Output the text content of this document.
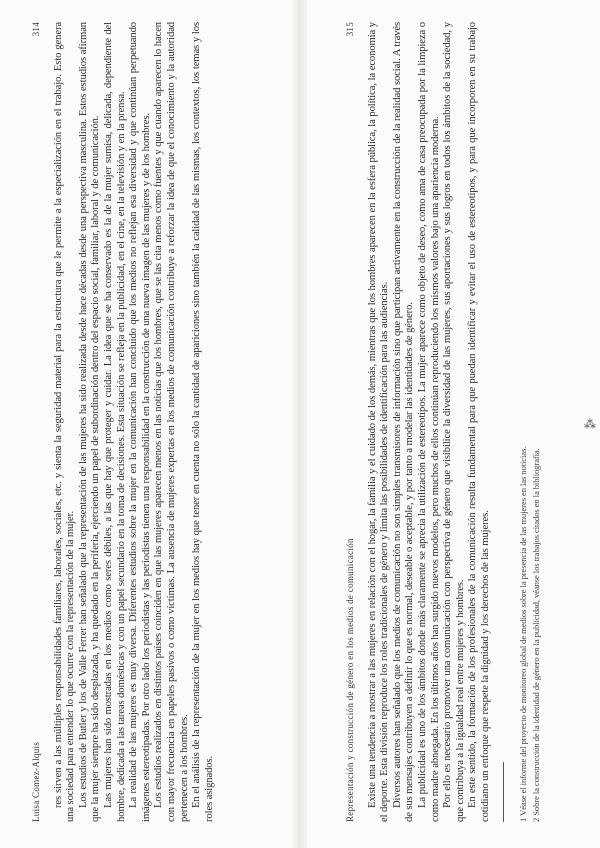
Luisa Comez-Alquis
314 res sirven a las múltiples responsabilidades familiares, laborales, sociales, etc. y sienta la seguridad material para la estructura que le permite a la especialización en el trabajo. Esto genera una sociedad para entender lo que ocurre con la representación de la mujer. Los estudios de Butler y los de Valle Ferrer han señalado que la representación de las mujeres ha sido realizada desde hace décadas desde una perspectiva masculina. Estos estudios afirman que la mujer siempre ha sido desplazada, y ha quedado en la periferia, ejerciendo un papel de subordinación dentro del espacio social, familiar, laboral y de comunicación. Las mujeres han sido mostradas en los medios como seres débiles, a las que hay que proteger y cuidar. La idea que se ha conservado es la de la mujer sumisa, delicada, dependiente del hombre, dedicada a las tareas domésticas y con un papel secundario en la toma de decisiones. Esta situación se refleja en la publicidad, en el cine, en la televisión y en la prensa. La realidad de las mujeres es muy diversa. Diferentes estudios sobre la mujer en la comunicación han concluido que los medios no reflejan esa diversidad y que continúan perpetuando imágenes estereotipadas. Por otro lado los periodistas y las periodistas tienen una responsabilidad en la construcción de una nueva imagen de las mujeres y de los hombres. Los estudios realizados en distintos países coinciden en que las mujeres aparecen menos en las noticias que los hombres, que se las cita menos como fuentes y que cuando aparecen lo hacen con mayor frecuencia en papeles pasivos o como víctimas. La ausencia de mujeres expertas en los medios de comunicación contribuye a reforzar la idea de que el conocimiento y la autoridad pertenecen a los hombres. En el análisis de la representación de la mujer en los medios hay que tener en cuenta no sólo la cantidad de apariciones sino también la calidad de las mismas, los contextos, los temas y los roles asignados.	Representación y construcción de género en los medios de comunicación
315 Existe una tendencia a mostrar a las mujeres en relación con el hogar, la familia y el cuidado de los demás, mientras que los hombres aparecen en la esfera pública, la política, la economía y el deporte. Esta división reproduce los roles tradicionales de género y limita las posibilidades de identificación para las audiencias. Diversos autores han señalado que los medios de comunicación no son simples transmisores de información sino que participan activamente en la construcción de la realidad social. A través de sus mensajes contribuyen a definir lo que es normal, deseable o aceptable, y por tanto a modelar las identidades de género. La publicidad es uno de los ámbitos donde más claramente se aprecia la utilización de estereotipos. La mujer aparece como objeto de deseo, como ama de casa preocupada por la limpieza o como madre abnegada. En los últimos años han surgido nuevos modelos, pero muchos de ellos continúan reproduciendo los mismos valores bajo una apariencia moderna. Por ello es necesario promover una comunicación con perspectiva de género que visibilice la diversidad de las mujeres, sus aportaciones y sus logros en todos los ámbitos de la sociedad, y que contribuya a la igualdad real entre mujeres y hombres. En este sentido, la formación de los profesionales de la comunicación resulta fundamental para que puedan identificar y evitar el uso de estereotipos, y para que incorporen en su trabajo cotidiano un enfoque que respete la dignidad y los derechos de las mujeres.	1 Véase el informe del proyecto de monitoreo global de medios sobre la presencia de las mujeres en las noticias. 2 Sobre la construcción de la identidad de género en la publicidad, véanse los trabajos citados en la bibliografía.

⁂
